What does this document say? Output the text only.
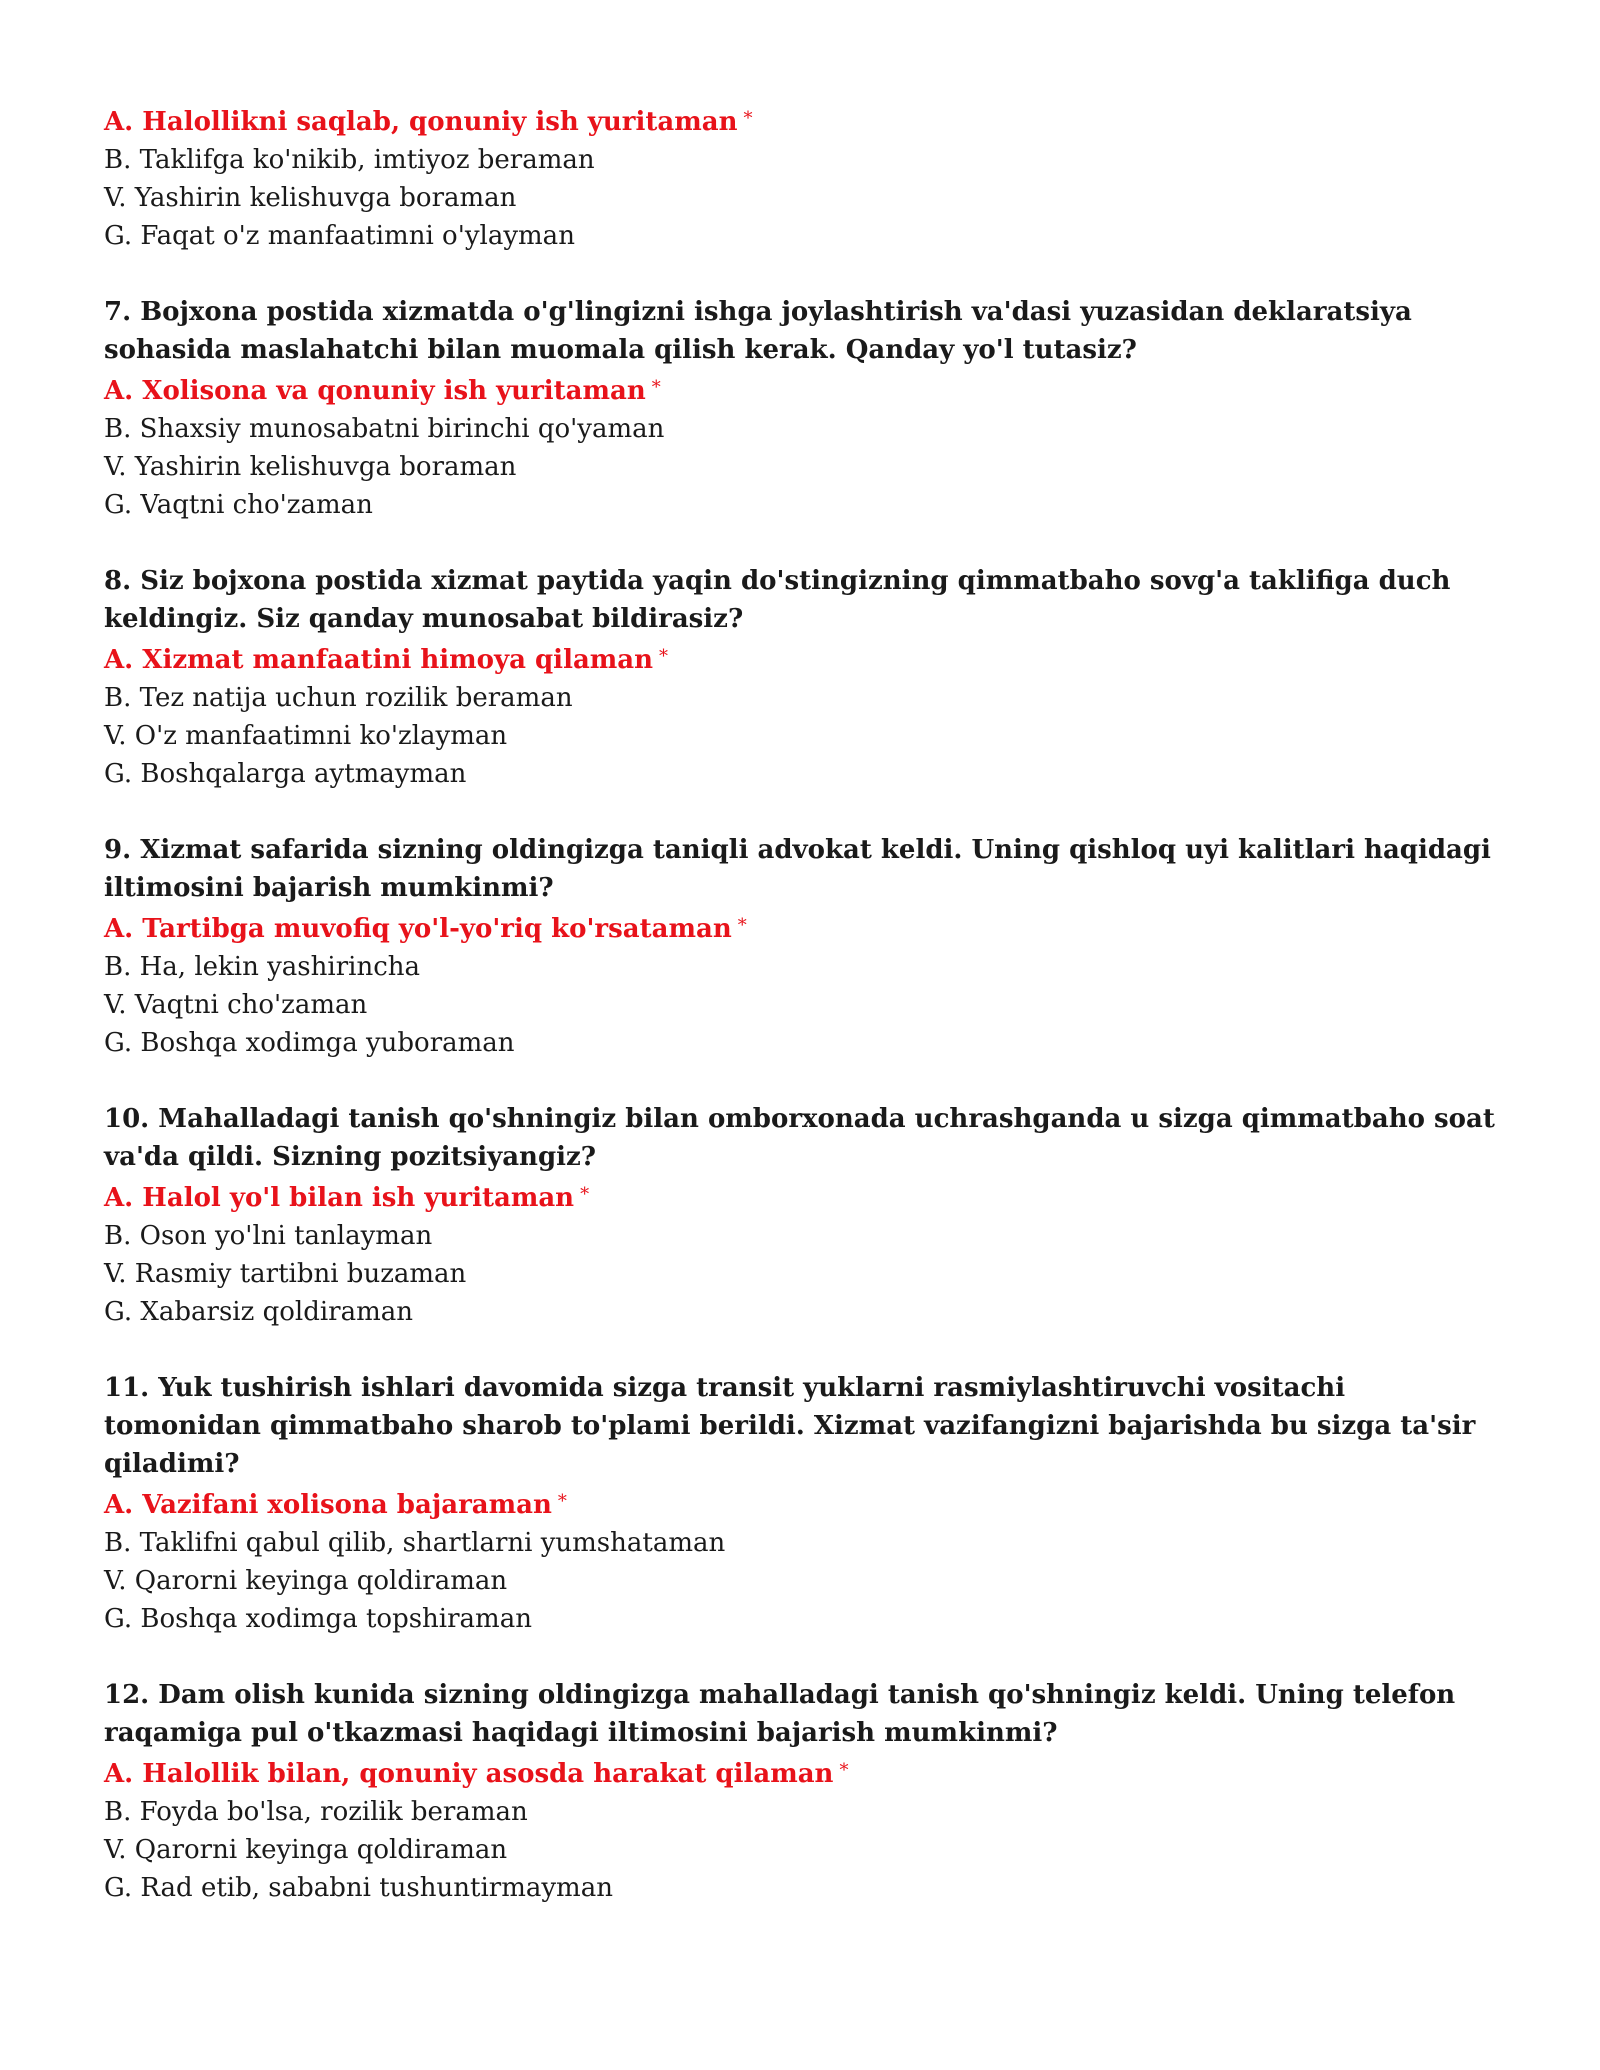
A. Halollikni saqlab, qonuniy ish yuritaman *

B. Taklifga ko'nikib, imtiyoz beraman

V. Yashirin kelishuvga boraman

G. Faqat o'z manfaatimni o'ylayman

7. Bojxona postida xizmatda o'g'lingizni ishga joylashtirish va'dasi yuzasidan deklaratsiya sohasida maslahatchi bilan muomala qilish kerak. Qanday yo'l tutasiz?

A. Xolisona va qonuniy ish yuritaman *

B. Shaxsiy munosabatni birinchi qo'yaman

V. Yashirin kelishuvga boraman

G. Vaqtni cho'zaman

8. Siz bojxona postida xizmat paytida yaqin do'stingizning qimmatbaho sovg'a taklifiga duch keldingiz. Siz qanday munosabat bildirasiz?

A. Xizmat manfaatini himoya qilaman *

B. Tez natija uchun rozilik beraman

V. O'z manfaatimni ko'zlayman

G. Boshqalarga aytmayman

9. Xizmat safarida sizning oldingizga taniqli advokat keldi. Uning qishloq uyi kalitlari haqidagi iltimosini bajarish mumkinmi?

A. Tartibga muvofiq yo'l-yo'riq ko'rsataman *

B. Ha, lekin yashirincha

V. Vaqtni cho'zaman

G. Boshqa xodimga yuboraman

10. Mahalladagi tanish qo'shningiz bilan omborxonada uchrashganda u sizga qimmatbaho soat va'da qildi. Sizning pozitsiyangiz?

A. Halol yo'l bilan ish yuritaman *

B. Oson yo'lni tanlayman

V. Rasmiy tartibni buzaman

G. Xabarsiz qoldiraman

11. Yuk tushirish ishlari davomida sizga transit yuklarni rasmiylashtiruvchi vositachi tomonidan qimmatbaho sharob to'plami berildi. Xizmat vazifangizni bajarishda bu sizga ta'sir qiladimi?

A. Vazifani xolisona bajaraman *

B. Taklifni qabul qilib, shartlarni yumshataman

V. Qarorni keyinga qoldiraman

G. Boshqa xodimga topshiraman

12. Dam olish kunida sizning oldingizga mahalladagi tanish qo'shningiz keldi. Uning telefon raqamiga pul o'tkazmasi haqidagi iltimosini bajarish mumkinmi?

A. Halollik bilan, qonuniy asosda harakat qilaman *

B. Foyda bo'lsa, rozilik beraman

V. Qarorni keyinga qoldiraman

G. Rad etib, sababni tushuntirmayman
